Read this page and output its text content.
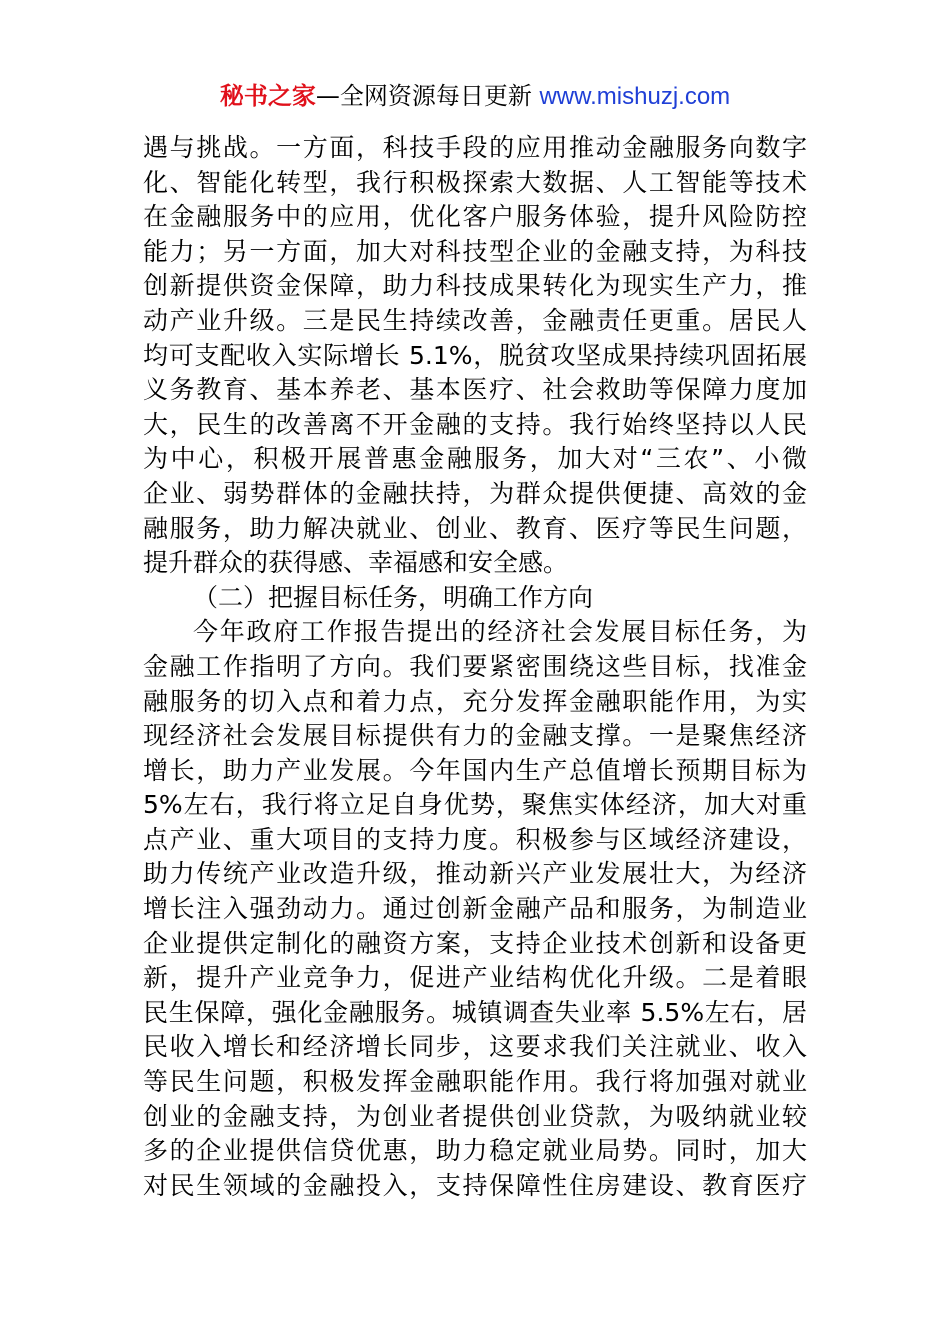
秘书之家—全网资源每日更新 www.mishuzj.com
遇与挑战。一方面，科技手段的应用推动金融服务向数字
化、智能化转型，我行积极探索大数据、人工智能等技术
在金融服务中的应用，优化客户服务体验，提升风险防控
能力；另一方面，加大对科技型企业的金融支持，为科技
创新提供资金保障，助力科技成果转化为现实生产力，推
动产业升级。三是民生持续改善，金融责任更重。居民人
均可支配收入实际增长 5.1%，脱贫攻坚成果持续巩固拓展
义务教育、基本养老、基本医疗、社会救助等保障力度加
大，民生的改善离不开金融的支持。我行始终坚持以人民
为中心，积极开展普惠金融服务，加大对“三农”、小微
企业、弱势群体的金融扶持，为群众提供便捷、高效的金
融服务，助力解决就业、创业、教育、医疗等民生问题，
提升群众的获得感、幸福感和安全感。
（二）把握目标任务，明确工作方向
今年政府工作报告提出的经济社会发展目标任务，为
金融工作指明了方向。我们要紧密围绕这些目标，找准金
融服务的切入点和着力点，充分发挥金融职能作用，为实
现经济社会发展目标提供有力的金融支撑。一是聚焦经济
增长，助力产业发展。今年国内生产总值增长预期目标为
5%左右，我行将立足自身优势，聚焦实体经济，加大对重
点产业、重大项目的支持力度。积极参与区域经济建设，
助力传统产业改造升级，推动新兴产业发展壮大，为经济
增长注入强劲动力。通过创新金融产品和服务，为制造业
企业提供定制化的融资方案，支持企业技术创新和设备更
新，提升产业竞争力，促进产业结构优化升级。二是着眼
民生保障，强化金融服务。城镇调查失业率 5.5%左右，居
民收入增长和经济增长同步，这要求我们关注就业、收入
等民生问题，积极发挥金融职能作用。我行将加强对就业
创业的金融支持，为创业者提供创业贷款，为吸纳就业较
多的企业提供信贷优惠，助力稳定就业局势。同时，加大
对民生领域的金融投入，支持保障性住房建设、教育医疗
